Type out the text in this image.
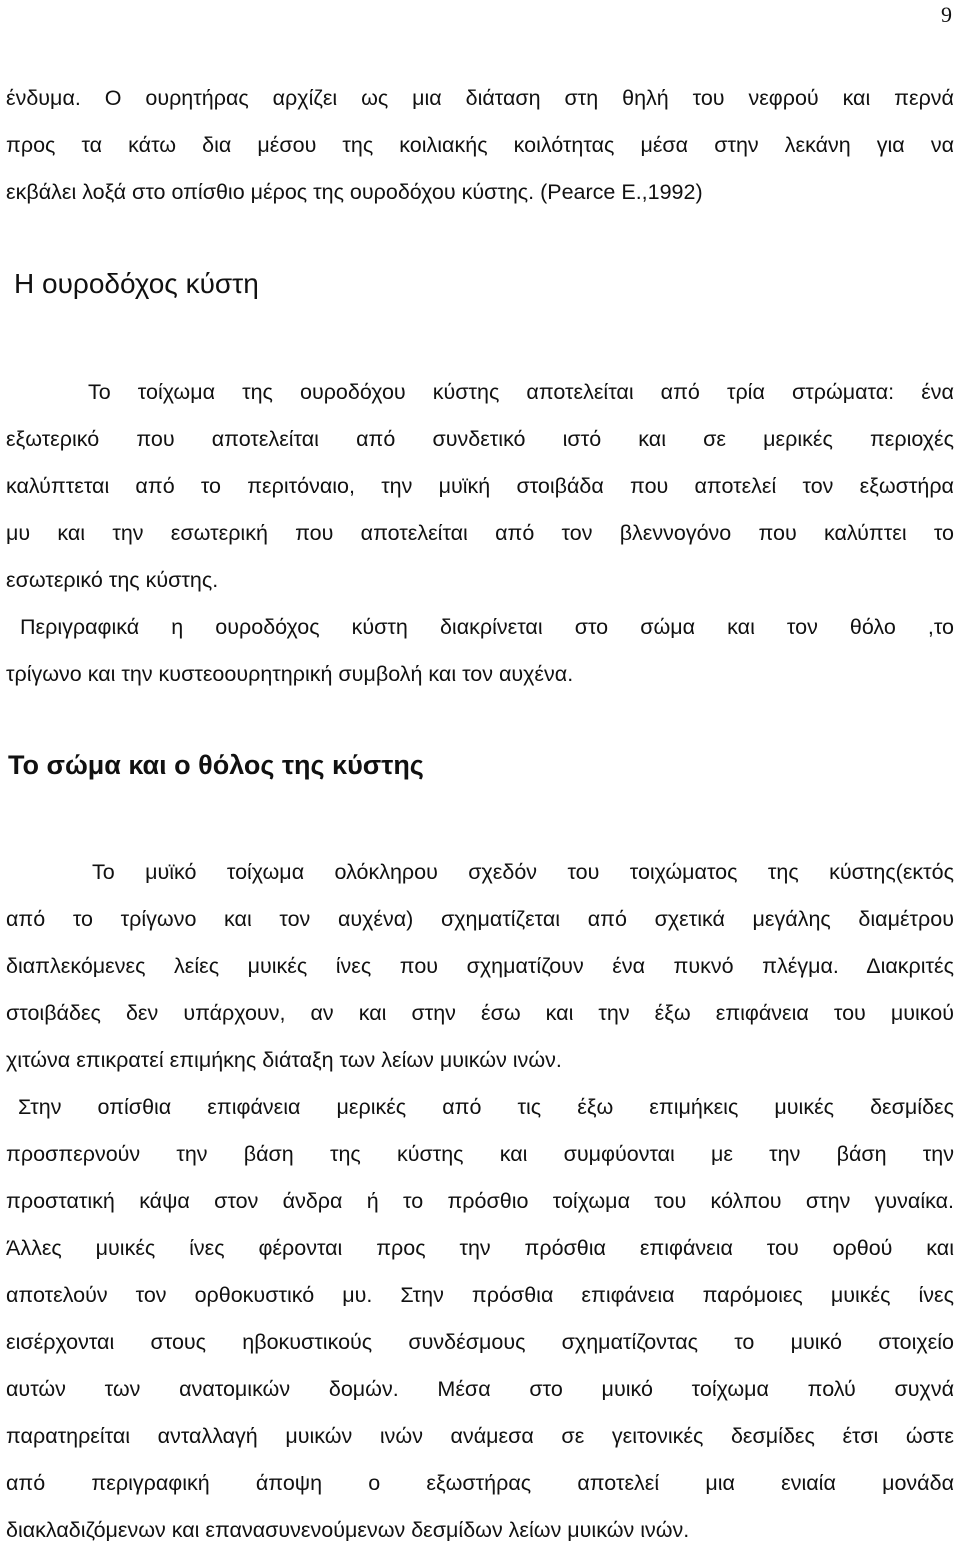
9
ένδυμα. Ο ουρητήρας αρχίζει ως μια διάταση στη θηλή του νεφρού και περνά
προς τα κάτω δια μέσου της κοιλιακής κοιλότητας μέσα στην λεκάνη για να
εκβάλει λοξά στο οπίσθιο μέρος της ουροδόχου κύστης. (Pearce E.,1992)
Η ουροδόχος κύστη
Το τοίχωμα της ουροδόχου κύστης αποτελείται από τρία στρώματα: ένα
εξωτερικό που αποτελείται από συνδετικό ιστό και σε μερικές περιοχές
καλύπτεται από το περιτόναιο, την μυϊκή στοιβάδα που αποτελεί τον εξωστήρα
μυ και την εσωτερική που αποτελείται από τον βλεννογόνο που καλύπτει το
εσωτερικό της κύστης.
Περιγραφικά η ουροδόχος κύστη διακρίνεται στο σώμα και τον θόλο ,το
τρίγωνο και την κυστεοουρητηρική συμβολή και τον αυχένα.
Το σώμα και ο θόλος της κύστης
Το μυϊκό τοίχωμα ολόκληρου σχεδόν του τοιχώματος της κύστης(εκτός
από το τρίγωνο και τον αυχένα) σχηματίζεται από σχετικά μεγάλης διαμέτρου
διαπλεκόμενες λείες μυικές ίνες που σχηματίζουν ένα πυκνό πλέγμα. Διακριτές
στοιβάδες δεν υπάρχουν, αν και στην έσω και την έξω επιφάνεια του μυικού
χιτώνα επικρατεί επιμήκης διάταξη των λείων μυικών ινών.
Στην οπίσθια επιφάνεια μερικές από τις έξω επιμήκεις μυικές δεσμίδες
προσπερνούν την βάση της κύστης και συμφύονται με την βάση την
προστατική κάψα στον άνδρα ή το πρόσθιο τοίχωμα του κόλπου στην γυναίκα.
Άλλες μυικές ίνες φέρονται προς την πρόσθια επιφάνεια του ορθού και
αποτελούν τον ορθοκυστικό μυ. Στην πρόσθια επιφάνεια παρόμοιες μυικές ίνες
εισέρχονται στους ηβοκυστικούς συνδέσμους σχηματίζοντας το μυικό στοιχείο
αυτών των ανατομικών δομών. Μέσα στο μυικό τοίχωμα πολύ συχνά
παρατηρείται ανταλλαγή μυικών ινών ανάμεσα σε γειτονικές δεσμίδες έτσι ώστε
από περιγραφική άποψη ο εξωστήρας αποτελεί μια ενιαία μονάδα
διακλαδιζόμενων και επανασυνενούμενων δεσμίδων λείων μυικών ινών.
